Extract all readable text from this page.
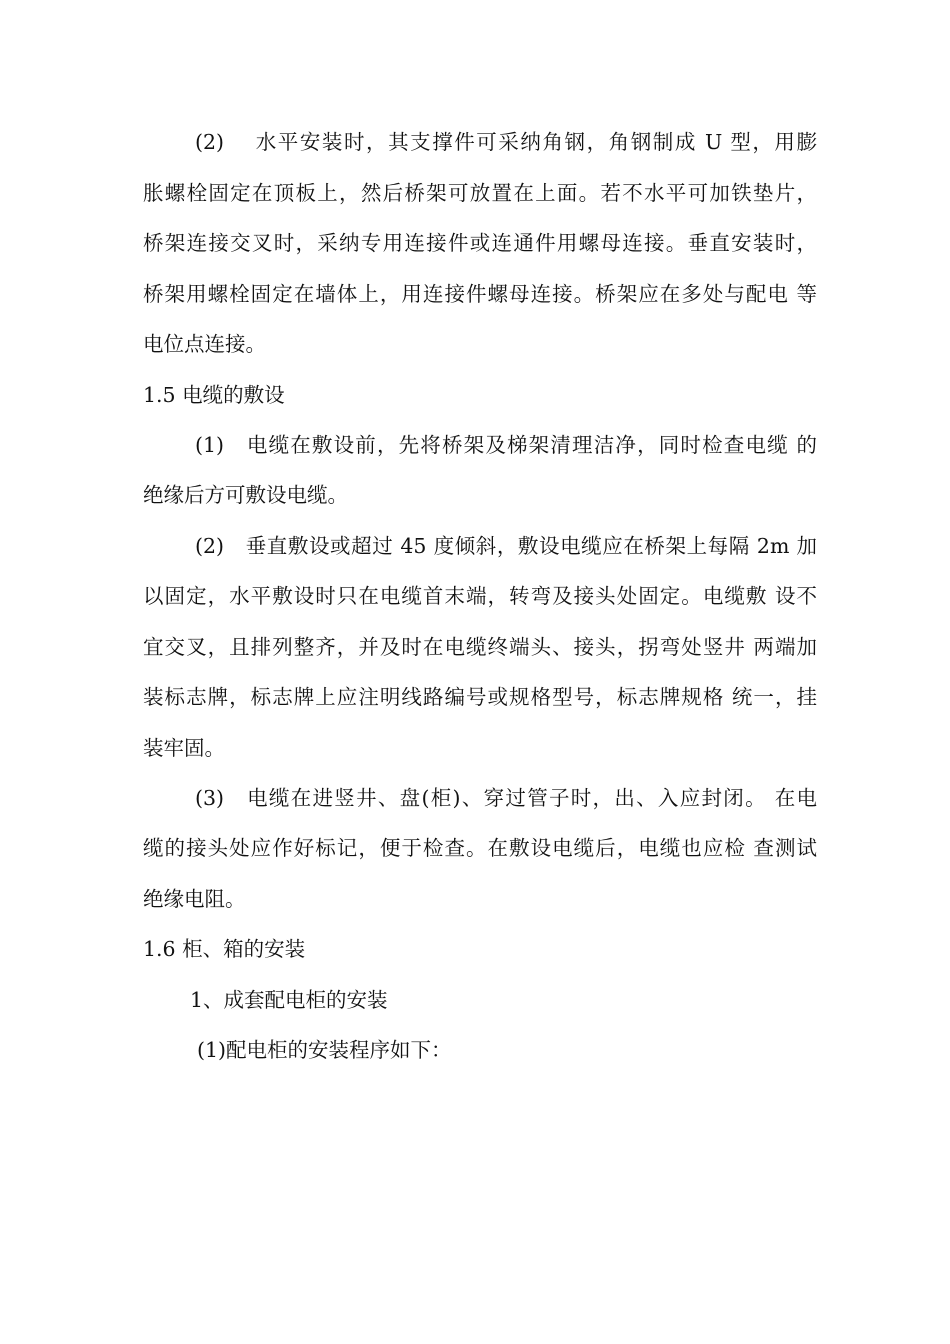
(2)　 水平安装时，其支撑件可采纳角钢，角钢制成 U 型，用膨
胀螺栓固定在顶板上，然后桥架可放置在上面。若不水平可加铁垫片，
桥架连接交叉时，采纳专用连接件或连通件用螺母连接。垂直安装时，
桥架用螺栓固定在墙体上，用连接件螺母连接。桥架应在多处与配电 等
电位点连接。
1.5 电缆的敷设
(1)　电缆在敷设前，先将桥架及梯架清理洁净，同时检查电缆 的
绝缘后方可敷设电缆。
(2)　垂直敷设或超过 45 度倾斜，敷设电缆应在桥架上每隔 2m 加
以固定，水平敷设时只在电缆首末端，转弯及接头处固定。电缆敷 设不
宜交叉，且排列整齐，并及时在电缆终端头、接头，拐弯处竖井 两端加
装标志牌，标志牌上应注明线路编号或规格型号，标志牌规格 统一，挂
装牢固。
(3)　电缆在进竖井、盘(柜)、穿过管子时，出、入应封闭。 在电
缆的接头处应作好标记，便于检查。在敷设电缆后，电缆也应检 查测试
绝缘电阻。
1.6 柜、箱的安装
1、成套配电柜的安装
(1)配电柜的安装程序如下：
